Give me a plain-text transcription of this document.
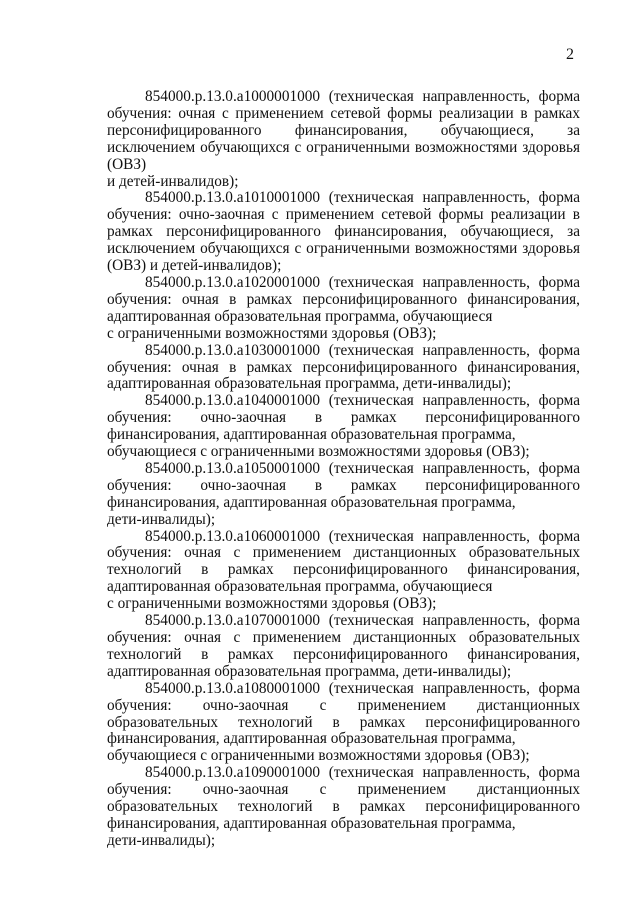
2

854000.р.13.0.а1000001000 (техническая направленность, форма обучения: очная с применением сетевой формы реализации в рамках персонифицированного финансирования, обучающиеся, за исключением обучающихся с ограниченными возможностями здоровья (ОВЗ)
и детей-инвалидов);

854000.р.13.0.а1010001000 (техническая направленность, форма обучения: очно-заочная с применением сетевой формы реализации в рамках персонифицированного финансирования, обучающиеся, за исключением обучающихся с ограниченными возможностями здоровья (ОВЗ) и детей-инвалидов);

854000.р.13.0.а1020001000 (техническая направленность, форма обучения: очная в рамках персонифицированного финансирования, адаптированная образовательная программа, обучающиеся
с ограниченными возможностями здоровья (ОВЗ);

854000.р.13.0.а1030001000 (техническая направленность, форма обучения: очная в рамках персонифицированного финансирования, адаптированная образовательная программа, дети-инвалиды);

854000.р.13.0.а1040001000 (техническая направленность, форма обучения: очно-заочная в рамках персонифицированного финансирования, адаптированная образовательная программа,
обучающиеся с ограниченными возможностями здоровья (ОВЗ);

854000.р.13.0.а1050001000 (техническая направленность, форма обучения: очно-заочная в рамках персонифицированного финансирования, адаптированная образовательная программа,
дети-инвалиды);

854000.р.13.0.а1060001000 (техническая направленность, форма обучения: очная с применением дистанционных образовательных технологий в рамках персонифицированного финансирования, адаптированная образовательная программа, обучающиеся
с ограниченными возможностями здоровья (ОВЗ);

854000.р.13.0.а1070001000 (техническая направленность, форма обучения: очная с применением дистанционных образовательных технологий в рамках персонифицированного финансирования, адаптированная образовательная программа, дети-инвалиды);

854000.р.13.0.а1080001000 (техническая направленность, форма обучения: очно-заочная с применением дистанционных образовательных технологий в рамках персонифицированного финансирования, адаптированная образовательная программа,
обучающиеся с ограниченными возможностями здоровья (ОВЗ);

854000.р.13.0.а1090001000 (техническая направленность, форма обучения: очно-заочная с применением дистанционных образовательных технологий в рамках персонифицированного финансирования, адаптированная образовательная программа,
дети-инвалиды);
